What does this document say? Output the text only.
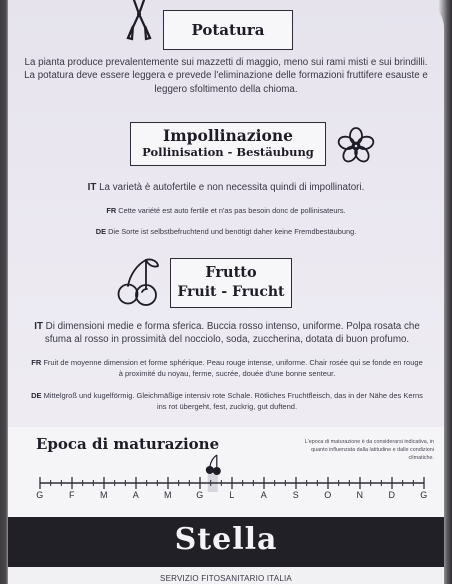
Potatura
La pianta produce prevalentemente sui mazzetti di maggio, meno sui rami misti e sui brindilli. La potatura deve essere leggera e prevede l'eliminazione delle formazioni fruttifere esauste e leggero sfoltimento della chioma.
Impollinazione
Pollinisation - Bestäubung
IT La varietà è autofertile e non necessita quindi di impollinatori.
FR Cette variété est auto fertile et n'as pas besoin donc de pollinisateurs.
DE Die Sorte ist selbstbefruchtend und benötigt daher keine Fremdbestäubung.
Frutto
Fruit - Frucht
IT Di dimensioni medie e forma sferica. Buccia rosso intenso, uniforme. Polpa rosata che sfuma al rosso in prossimità del nocciolo, soda, zuccherina, dotata di buon profumo.
FR Fruit de moyenne dimension et forme sphérique. Peau rouge intense, uniforme. Chair rosée qui se fonde en rouge à proximité du noyau, ferme, sucrée, douée d'une bonne senteur.
DE Mittelgroß und kugelförmig. Gleichmäßige intensiv rote Schale. Rötliches Fruchtfleisch, das in der Nähe des Kerns ins rot übergeht, fest, zuckrig, gut duftend.
Epoca di maturazione	L'epoca di maturazione è da considerarsi indicativa, in quanto influenzata dalla latitudine e dalle condizioni climatiche.
G	F	M	A	M	G	L	A	S	O	N	D	G
Stella
SERVIZIO FITOSANITARIO ITALIA
